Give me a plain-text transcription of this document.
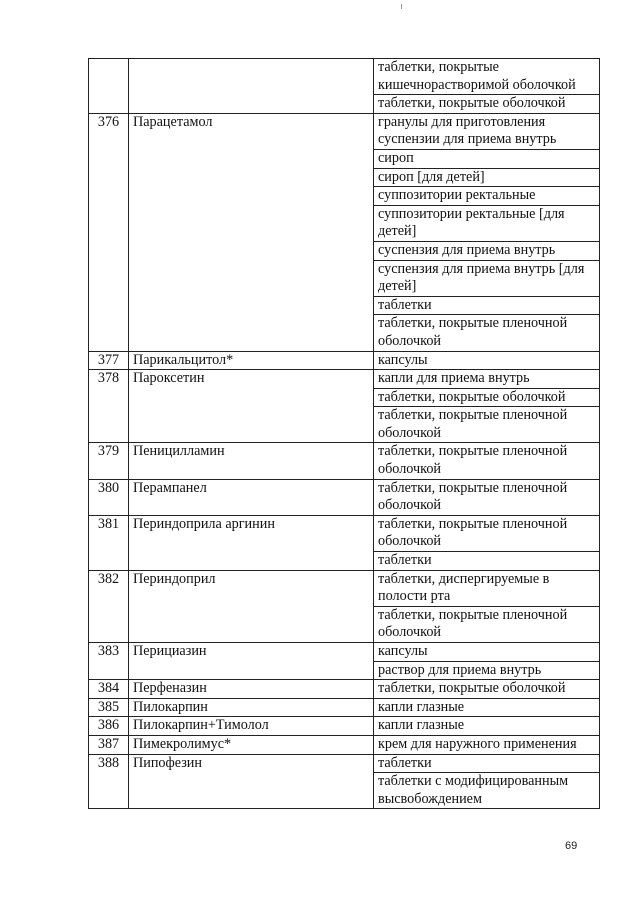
		таблетки, покрытые кишечнорастворимой оболочкой
		таблетки, покрытые оболочкой
376	Парацетамол	гранулы для приготовления суспензии для приема внутрь
		сироп
		сироп [для детей]
		суппозитории ректальные
		суппозитории ректальные [для детей]
		суспензия для приема внутрь
		суспензия для приема внутрь [для детей]
		таблетки
		таблетки, покрытые пленочной оболочкой
377	Парикальцитол*	капсулы
378	Пароксетин	капли для приема внутрь
		таблетки, покрытые оболочкой
		таблетки, покрытые пленочной оболочкой
379	Пеницилламин	таблетки, покрытые пленочной оболочкой
380	Перампанел	таблетки, покрытые пленочной оболочкой
381	Периндоприла аргинин	таблетки, покрытые пленочной оболочкой
		таблетки
382	Периндоприл	таблетки, диспергируемые в полости рта
		таблетки, покрытые пленочной оболочкой
383	Перициазин	капсулы
		раствор для приема внутрь
384	Перфеназин	таблетки, покрытые оболочкой
385	Пилокарпин	капли глазные
386	Пилокарпин+Тимолол	капли глазные
387	Пимекролимус*	крем для наружного применения
388	Пипофезин	таблетки
		таблетки с модифицированным высвобождением
69
